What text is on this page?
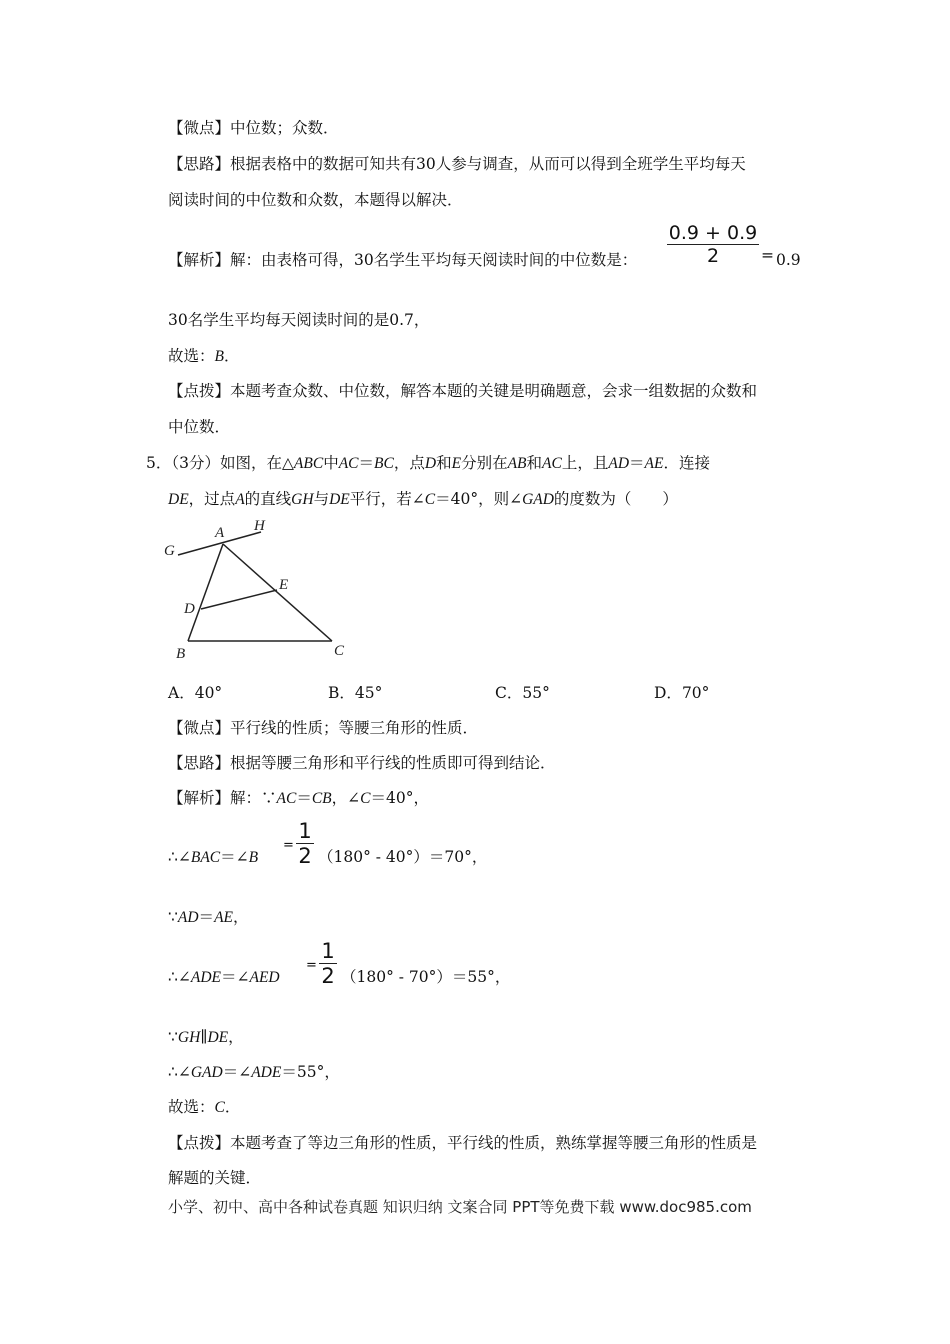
【微点】中位数；众数．
【思路】根据表格中的数据可知共有30人参与调查，从而可以得到全班学生平均每天
阅读时间的中位数和众数，本题得以解决．
【解析】解：由表格可得，30名学生平均每天阅读时间的中位数是：
0.9 + 0.9
2	= 0.9
30名学生平均每天阅读时间的是0.7，
故选：B．
【点拨】本题考查众数、中位数，解答本题的关键是明确题意，会求一组数据的众数和
中位数．
5．（3分）如图，在△ABC中AC＝BC，点D和E分别在AB和AC上，且AD＝AE．连接
DE，过点A的直线GH与DE平行，若∠C＝40°，则∠GAD的度数为（　　）
A H
G
E
D
B	C
A．40°	B．45°	C．55°	D．70°
【微点】平行线的性质；等腰三角形的性质．
【思路】根据等腰三角形和平行线的性质即可得到结论．
【解析】解：∵AC＝CB，∠C＝40°，
∴∠BAC＝∠B
=
1
2 （180° - 40°）＝70°，
∵AD＝AE，
∴∠ADE＝∠AED
=
1
2 （180° - 70°）＝55°，
∵GH∥DE，
∴∠GAD＝∠ADE＝55°，
故选：C．
【点拨】本题考查了等边三角形的性质，平行线的性质，熟练掌握等腰三角形的性质是
解题的关键．
小学、初中、高中各种试卷真题 知识归纳 文案合同 PPT等免费下载 www.doc985.com
